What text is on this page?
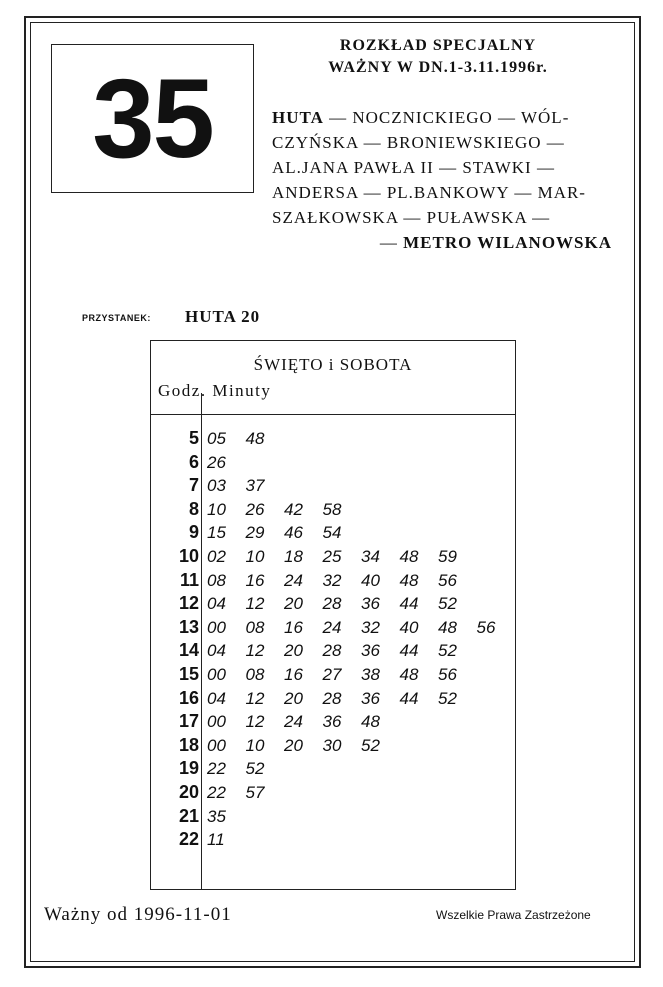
35
ROZKŁAD SPECJALNY
WAŻNY W DN.1-3.11.1996r.
HUTA — NOCZNICKIEGO — WÓL-
CZYŃSKA — BRONIEWSKIEGO —
AL.JANA PAWŁA II — STAWKI —
ANDERSA — PL.BANKOWY — MAR-
SZAŁKOWSKA — PUŁAWSKA —
— METRO WILANOWSKA
PRZYSTANEK: HUTA 20
ŚWIĘTO i SOBOTA
Godz. Minuty
5 05 48
6 26
7 03 37
8 10 26 42 58
9 15 29 46 54
10 02 10 18 25 34 48 59
11 08 16 24 32 40 48 56
12 04 12 20 28 36 44 52
13 00 08 16 24 32 40 48 56
14 04 12 20 28 36 44 52
15 00 08 16 27 38 48 56
16 04 12 20 28 36 44 52
17 00 12 24 36 48
18 00 10 20 30 52
19 22 52
20 22 57
21 35
22 11
Ważny od 1996-11-01	Wszelkie Prawa Zastrzeżone
